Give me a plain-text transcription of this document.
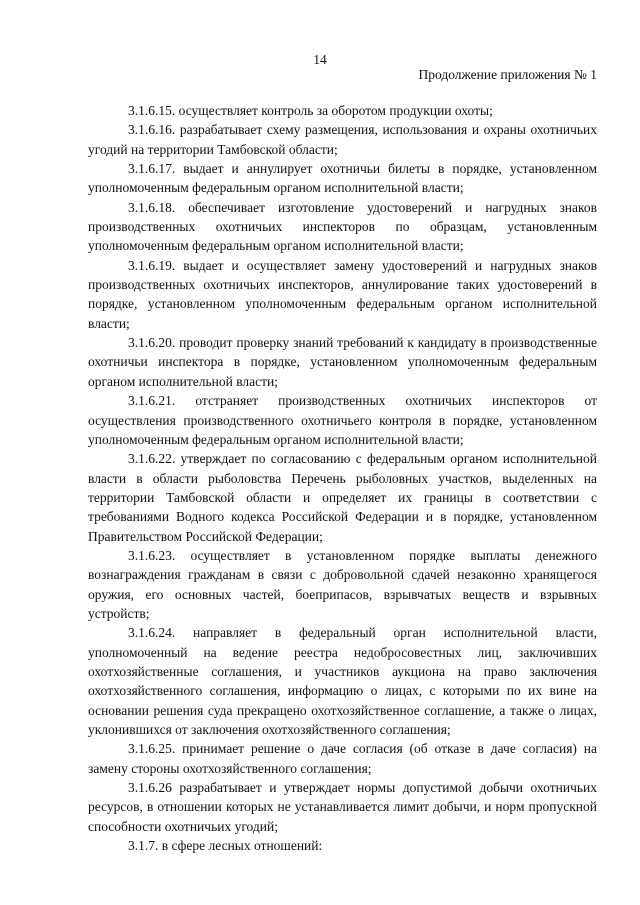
14
Продолжение приложения № 1

3.1.6.15. осуществляет контроль за оборотом продукции охоты;

3.1.6.16. разрабатывает схему размещения, использования и охраны охотничьих угодий на территории Тамбовской области;

3.1.6.17. выдает и аннулирует охотничьи билеты в порядке, установленном уполномоченным федеральным органом исполнительной власти;

3.1.6.18. обеспечивает изготовление удостоверений и нагрудных знаков производственных охотничьих инспекторов по образцам, установленным уполномоченным федеральным органом исполнительной власти;

3.1.6.19. выдает и осуществляет замену удостоверений и нагрудных знаков производственных охотничьих инспекторов, аннулирование таких удостоверений в порядке, установленном уполномоченным федеральным органом исполнительной власти;

3.1.6.20. проводит проверку знаний требований к кандидату в производственные охотничьи инспектора в порядке, установленном уполномоченным федеральным органом исполнительной власти;

3.1.6.21. отстраняет производственных охотничьих инспекторов от осуществления производственного охотничьего контроля в порядке, установленном уполномоченным федеральным органом исполнительной власти;

3.1.6.22. утверждает по согласованию с федеральным органом исполнительной власти в области рыболовства Перечень рыболовных участков, выделенных на территории Тамбовской области и определяет их границы в соответствии с требованиями Водного кодекса Российской Федерации и в порядке, установленном Правительством Российской Федерации;

3.1.6.23. осуществляет в установленном порядке выплаты денежного вознаграждения гражданам в связи с добровольной сдачей незаконно хранящегося оружия, его основных частей, боеприпасов, взрывчатых веществ и взрывных устройств;

3.1.6.24. направляет в федеральный орган исполнительной власти, уполномоченный на ведение реестра недобросовестных лиц, заключивших охотхозяйственные соглашения, и участников аукциона на право заключения охотхозяйственного соглашения, информацию о лицах, с которыми по их вине на основании решения суда прекращено охотхозяйственное соглашение, а также о лицах, уклонившихся от заключения охотхозяйственного соглашения;

3.1.6.25. принимает решение о даче согласия (об отказе в даче согласия) на замену стороны охотхозяйственного соглашения;

3.1.6.26 разрабатывает и утверждает нормы допустимой добычи охотничьих ресурсов, в отношении которых не устанавливается лимит добычи, и норм пропускной способности охотничьих угодий;

3.1.7. в сфере лесных отношений:
